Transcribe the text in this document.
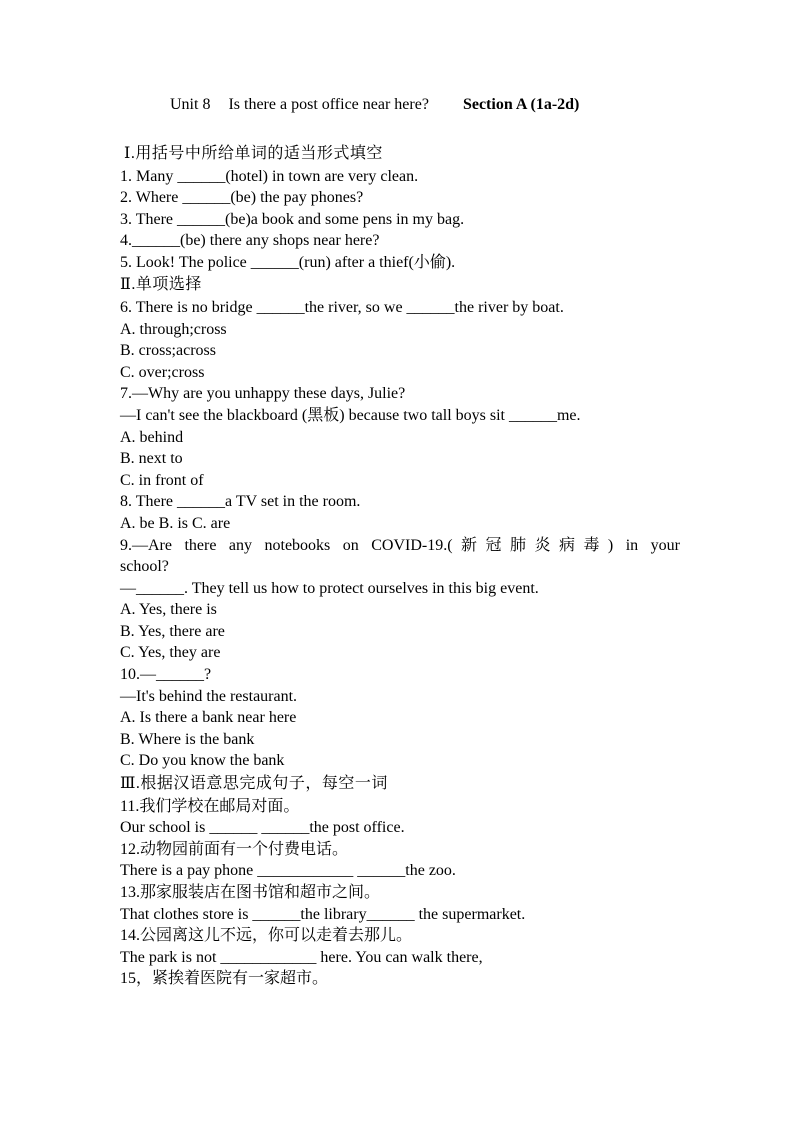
Unit 8 Is there a post office near here? Section A (1a-2d)
Ⅰ.用括号中所给单词的适当形式填空
1. Many ______(hotel) in town are very clean.
2. Where ______(be) the pay phones?
3. There ______(be)a book and some pens in my bag.
4.______(be) there any shops near here?
5. Look! The police ______(run) after a thief(小偷).
Ⅱ.单项选择
6. There is no bridge ______the river, so we ______the river by boat.
A. through;cross
B. cross;across
C. over;cross
7.—Why are you unhappy these days, Julie?
—I can't see the blackboard (黑板) because two tall boys sit ______me.
A. behind
B. next to
C. in front of
8. There ______a TV set in the room.
A. be B. is C. are
9.—Are there any notebooks on COVID-19.(新冠肺炎病毒) in your
school?
—______. They tell us how to protect ourselves in this big event.
A. Yes, there is
B. Yes, there are
C. Yes, they are
10.—______?
—It's behind the restaurant.
A. Is there a bank near here
B. Where is the bank
C. Do you know the bank
Ⅲ.根据汉语意思完成句子，每空一词
11.我们学校在邮局对面。
Our school is ______ ______the post office.
12.动物园前面有一个付费电话。
There is a pay phone ____________ ______the zoo.
13.那家服装店在图书馆和超市之间。
That clothes store is ______the library______ the supermarket.
14.公园离这儿不远，你可以走着去那儿。
The park is not ____________ here. You can walk there,
15，紧挨着医院有一家超市。
